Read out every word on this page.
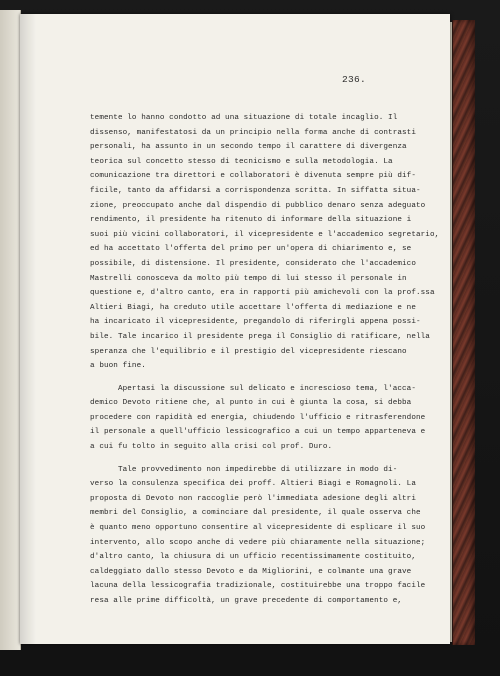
236.
temente lo hanno condotto ad una situazione di totale incaglio. Il
dissenso, manifestatosi da un principio nella forma anche di contrasti
personali, ha assunto in un secondo tempo il carattere di divergenza
teorica sul concetto stesso di tecnicismo e sulla metodologia. La
comunicazione tra direttori e collaboratori è divenuta sempre più dif-
ficile, tanto da affidarsi a corrispondenza scritta. In siffatta situa-
zione, preoccupato anche dal dispendio di pubblico denaro senza adeguato
rendimento, il presidente ha ritenuto di informare della situazione i
suoi più vicini collaboratori, il vicepresidente e l'accademico segretario,
ed ha accettato l'offerta del primo per un'opera di chiarimento e, se
possibile, di distensione. Il presidente, considerato che l'accademico
Mastrelli conosceva da molto più tempo di lui stesso il personale in
questione e, d'altro canto, era in rapporti più amichevoli con la prof.ssa
Altieri Biagi, ha creduto utile accettare l'offerta di mediazione e ne
ha incaricato il vicepresidente, pregandolo di riferirgli appena possi-
bile. Tale incarico il presidente prega il Consiglio di ratificare, nella
speranza che l'equilibrio e il prestigio del vicepresidente riescano
a buon fine.
Apertasi la discussione sul delicato e increscioso tema, l'acca-
demico Devoto ritiene che, al punto in cui è giunta la cosa, si debba
procedere con rapidità ed energia, chiudendo l'ufficio e ritrasferendone
il personale a quell'ufficio lessicografico a cui un tempo apparteneva e
a cui fu tolto in seguito alla crisi col prof. Duro.
Tale provvedimento non impedirebbe di utilizzare in modo di-
verso la consulenza specifica dei proff. Altieri Biagi e Romagnoli. La
proposta di Devoto non raccoglie però l'immediata adesione degli altri
membri del Consiglio, a cominciare dal presidente, il quale osserva che
è quanto meno opportuno consentire al vicepresidente di esplicare il suo
intervento, allo scopo anche di vedere più chiaramente nella situazione;
d'altro canto, la chiusura di un ufficio recentissimamente costituito,
caldeggiato dallo stesso Devoto e da Migliorini, e colmante una grave
lacuna della lessicografia tradizionale, costituirebbe una troppo facile
resa alle prime difficoltà, un grave precedente di comportamento e,
